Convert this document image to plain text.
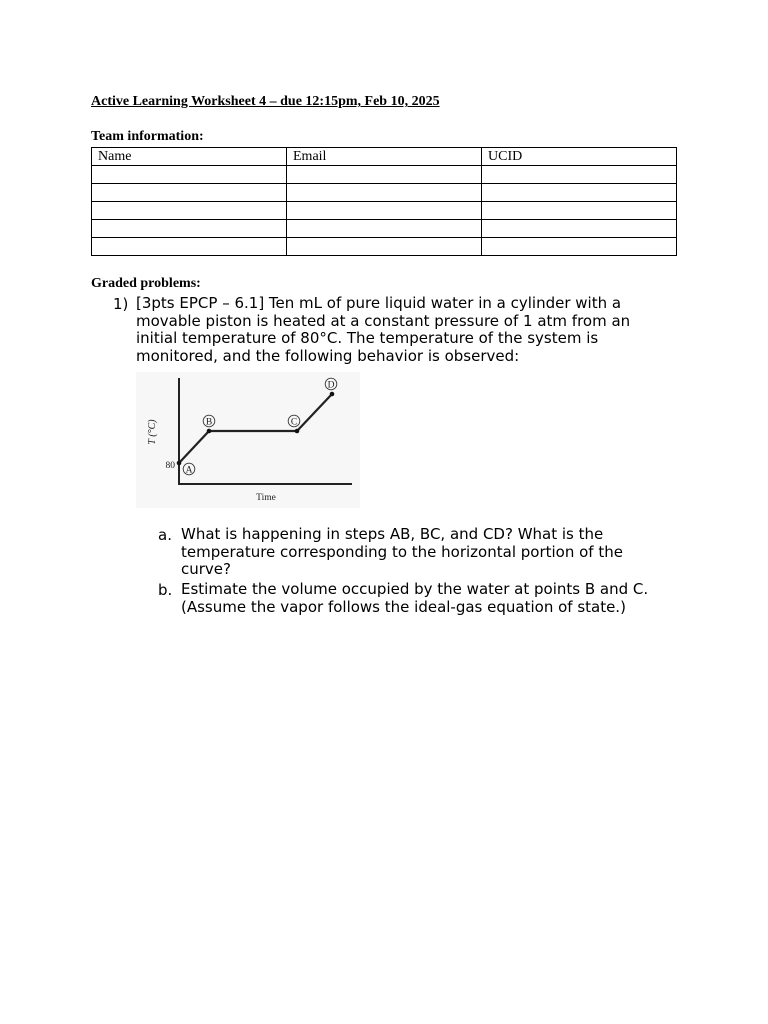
Active Learning Worksheet 4 – due 12:15pm, Feb 10, 2025
Team information:
Name	Email	UCID

Graded problems:
1) [3pts EPCP – 6.1] Ten mL of pure liquid water in a cylinder with a movable piston is heated at a constant pressure of 1 atm from an initial temperature of 80°C. The temperature of the system is monitored, and the following behavior is observed:
A
B	C
D
80
T (°C)
Time
a. What is happening in steps AB, BC, and CD? What is the temperature corresponding to the horizontal portion of the curve?
b. Estimate the volume occupied by the water at points B and C. (Assume the vapor follows the ideal-gas equation of state.)
